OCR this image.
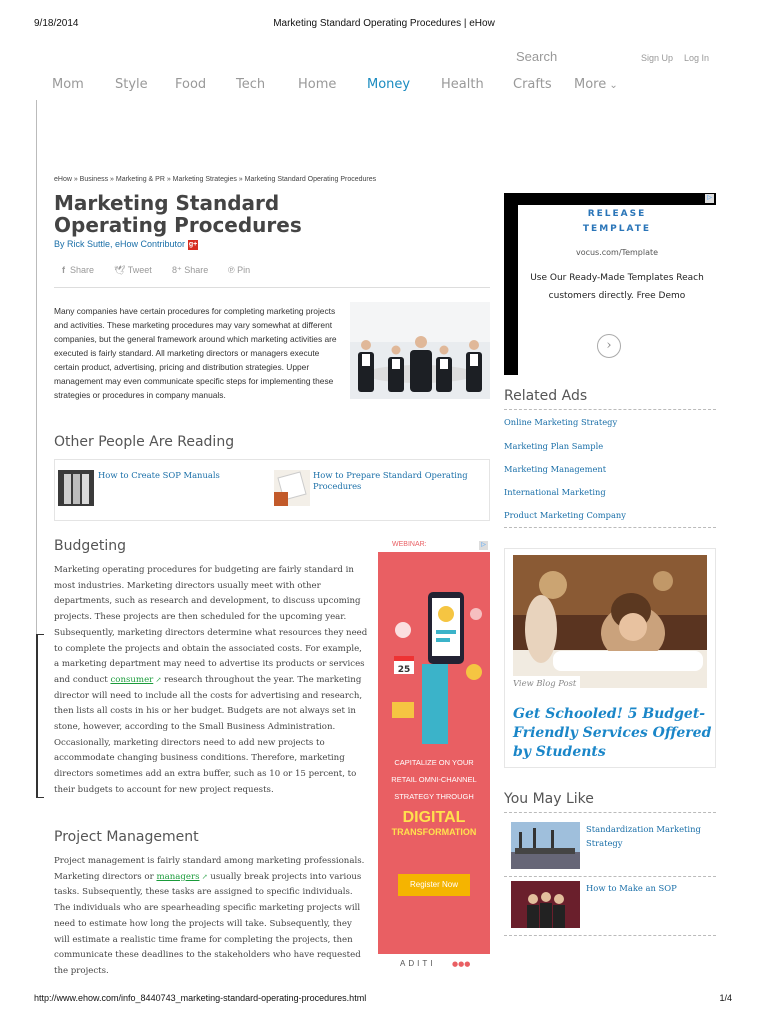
9/18/2014	Marketing Standard Operating Procedures | eHow
Search	Sign Up Log In
Mom Style Food Tech	Home Money Health Crafts More ⌄
eHow » Business » Marketing & PR » Marketing Strategies » Marketing Standard Operating Procedures
Marketing Standard Operating Procedures
By Rick Suttle, eHow Contributor g+
f Share 🕊 Tweet 8⁺ Share ℗ Pin

Many companies have certain procedures for completing marketing projects and activities. These marketing procedures may vary somewhat at different companies, but the general framework around which marketing activities are executed is fairly standard. All marketing directors or managers execute certain product, advertising, pricing and distribution strategies. Upper management may even communicate specific steps for implementing these strategies or procedures in company manuals.

Other People Are Reading
How to Create SOP Manuals	How to Prepare Standard Operating Procedures
Budgeting

Marketing operating procedures for budgeting are fairly standard in most industries. Marketing directors usually meet with other departments, such as research and development, to discuss upcoming projects. These projects are then scheduled for the upcoming year. Subsequently, marketing directors determine what resources they need to complete the projects and obtain the associated costs. For example, a marketing department may need to advertise its products or services and conduct consumer ↗ research throughout the year. The marketing director will need to include all the costs for advertising and research, then lists all costs in his or her budget. Budgets are not always set in stone, however, according to the Small Business Administration. Occasionally, marketing directors need to add new projects to accommodate changing business conditions. Therefore, marketing directors sometimes add an extra buffer, such as 10 or 15 percent, to their budgets to account for new project requests.

Project Management

Project management is fairly standard among marketing professionals. Marketing directors or managers ↗ usually break projects into various tasks. Subsequently, these tasks are assigned to specific individuals. The individuals who are spearheading specific marketing projects will need to estimate how long the projects will take. Subsequently, they will estimate a realistic time frame for completing the projects, then communicate these deadlines to the stakeholders who have requested the projects.

WEBINAR:	▷
25
CAPITALIZE ON YOUR
RETAIL OMNI-CHANNEL
STRATEGY THROUGH
DIGITAL
TRANSFORMATION
Register Now
ADITI ●●●
▷
RELEASE
TEMPLATE
vocus.com/Template
Use Our Ready-Made Templates Reach customers directly. Free Demo
›
Related Ads
Online Marketing Strategy
Marketing Plan Sample
Marketing Management
International Marketing
Product Marketing Company
View Blog Post

Get Schooled! 5 Budget-Friendly Services Offered by Students

You May Like
Standardization Marketing Strategy
How to Make an SOP
http://www.ehow.com/info_8440743_marketing-standard-operating-procedures.html	1/4
